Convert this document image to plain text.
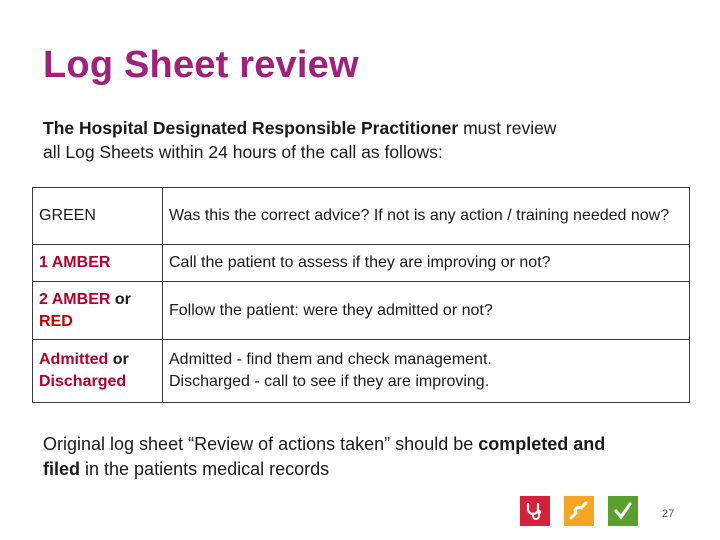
Log Sheet review
The Hospital Designated Responsible Practitioner must review
all Log Sheets within 24 hours of the call as follows:
GREEN	Was this the correct advice? If not is any action / training needed now?
1 AMBER	Call the patient to assess if they are improving or not?
2 AMBER or
RED	Follow the patient: were they admitted or not?
Admitted or
Discharged	Admitted - find them and check management.
Discharged - call to see if they are improving.
Original log sheet “Review of actions taken” should be completed and
filed in the patients medical records
27
